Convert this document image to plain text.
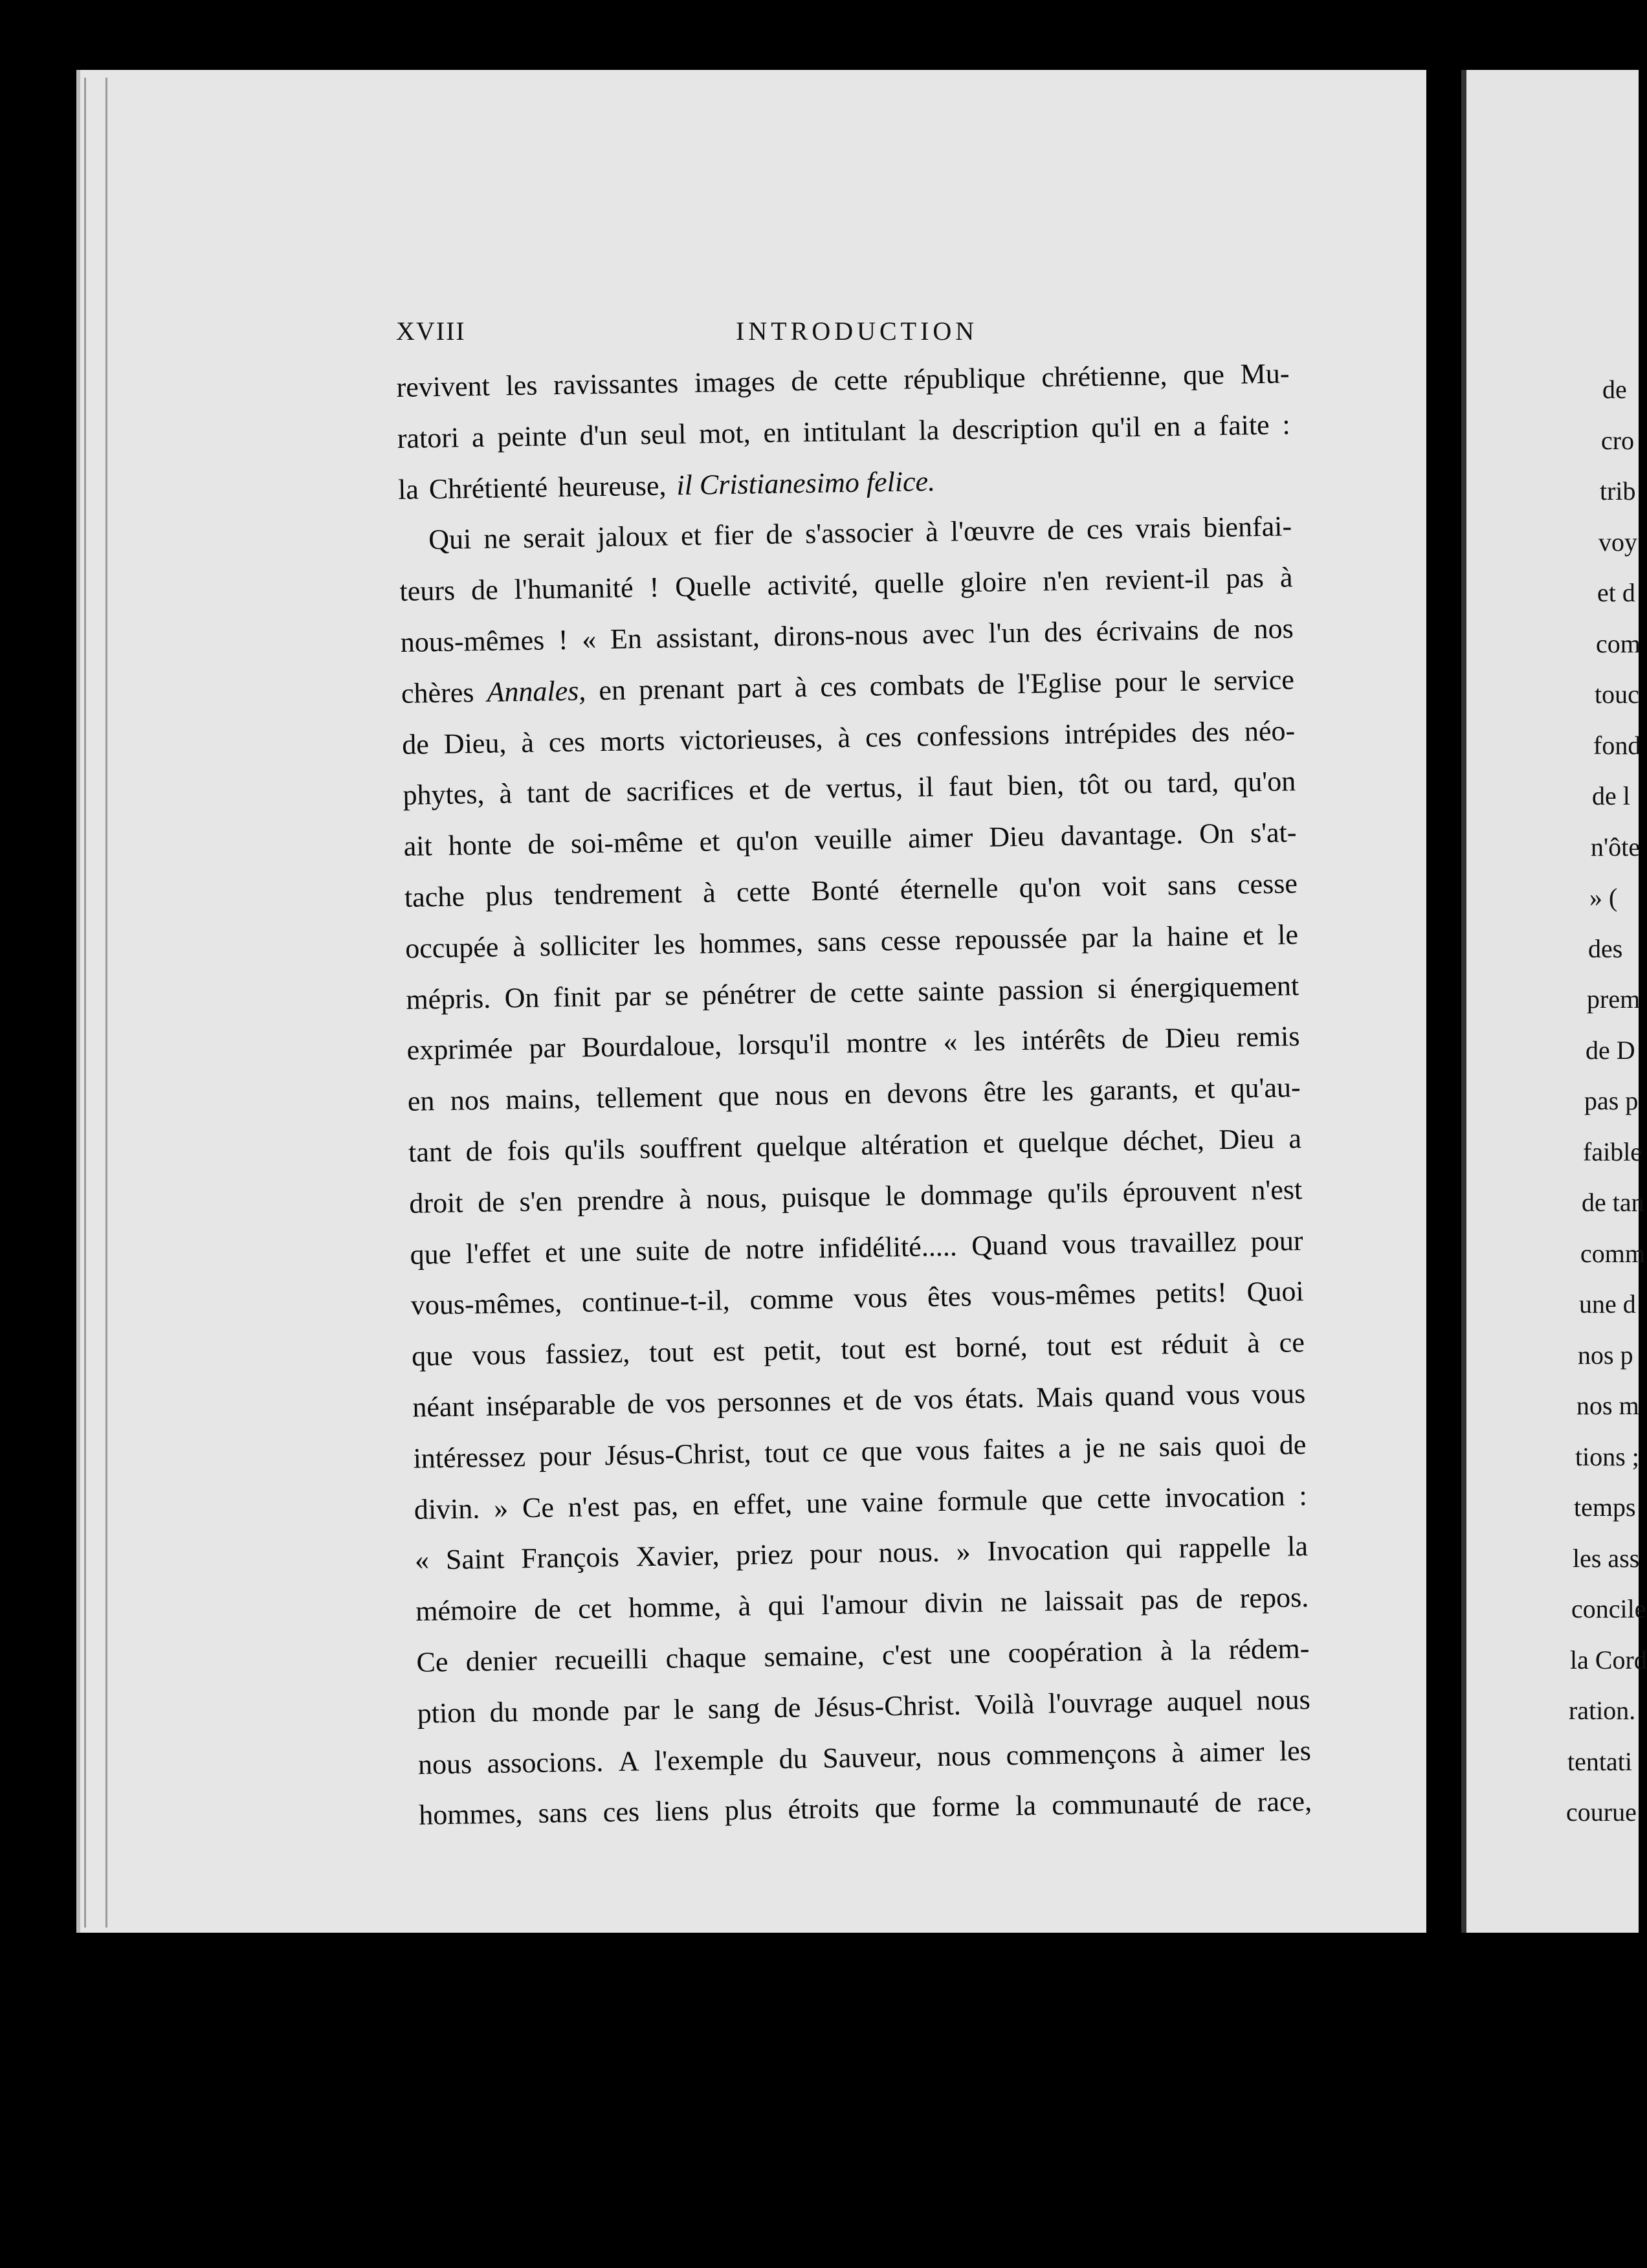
XVIII	INTRODUCTION
revivent les ravissantes images de cette république chrétienne, que Mu-
ratori a peinte d'un seul mot, en intitulant la description qu'il en a faite :
la Chrétienté heureuse, il Cristianesimo felice.
Qui ne serait jaloux et fier de s'associer à l'œuvre de ces vrais bienfai-
teurs de l'humanité ! Quelle activité, quelle gloire n'en revient-il pas à
nous-mêmes ! « En assistant, dirons-nous avec l'un des écrivains de nos
chères Annales, en prenant part à ces combats de l'Eglise pour le service
de Dieu, à ces morts victorieuses, à ces confessions intrépides des néo-
phytes, à tant de sacrifices et de vertus, il faut bien, tôt ou tard, qu'on
ait honte de soi-même et qu'on veuille aimer Dieu davantage. On s'at-
tache plus tendrement à cette Bonté éternelle qu'on voit sans cesse
occupée à solliciter les hommes, sans cesse repoussée par la haine et le
mépris. On finit par se pénétrer de cette sainte passion si énergiquement
exprimée par Bourdaloue, lorsqu'il montre « les intérêts de Dieu remis
en nos mains, tellement que nous en devons être les garants, et qu'au-
tant de fois qu'ils souffrent quelque altération et quelque déchet, Dieu a
droit de s'en prendre à nous, puisque le dommage qu'ils éprouvent n'est
que l'effet et une suite de notre infidélité..... Quand vous travaillez pour
vous-mêmes, continue-t-il, comme vous êtes vous-mêmes petits! Quoi
que vous fassiez, tout est petit, tout est borné, tout est réduit à ce
néant inséparable de vos personnes et de vos états. Mais quand vous vous
intéressez pour Jésus-Christ, tout ce que vous faites a je ne sais quoi de
divin. » Ce n'est pas, en effet, une vaine formule que cette invocation :
« Saint François Xavier, priez pour nous. » Invocation qui rappelle la
mémoire de cet homme, à qui l'amour divin ne laissait pas de repos.
Ce denier recueilli chaque semaine, c'est une coopération à la rédem-
ption du monde par le sang de Jésus-Christ. Voilà l'ouvrage auquel nous
nous associons. A l'exemple du Sauveur, nous commençons à aimer les
hommes, sans ces liens plus étroits que forme la communauté de race,
de
cro
trib
voy
et d
com
touc
fond
de l
n'ôte
» (
des
prem
de D
pas p
faible
de tan
comm
une d
nos p
nos m
tions ;
temps
les ass
concile
la Cord
ration.
tentati
courue
